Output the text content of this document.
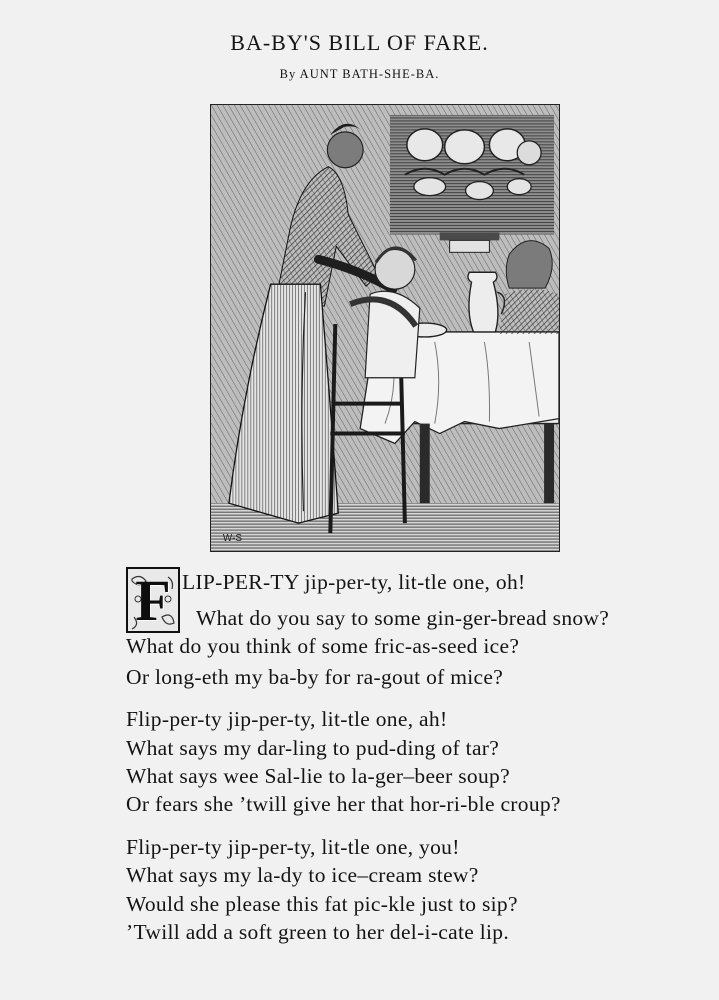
BA-BY'S BILL OF FARE.
By AUNT BATH-SHE-BA.
W-S
F LIP-PER-TY jip-per-ty, lit-tle one, oh!
What do you say to some gin-ger-bread snow?
What do you think of some fric-as-seed ice?
Or long-eth my ba-by for ra-gout of mice?
Flip-per-ty jip-per-ty, lit-tle one, ah!
What says my dar-ling to pud-ding of tar?
What says wee Sal-lie to la-ger–beer soup?
Or fears she ’twill give her that hor-ri-ble croup?
Flip-per-ty jip-per-ty, lit-tle one, you!
What says my la-dy to ice–cream stew?
Would she please this fat pic-kle just to sip?
’Twill add a soft green to her del-i-cate lip.
